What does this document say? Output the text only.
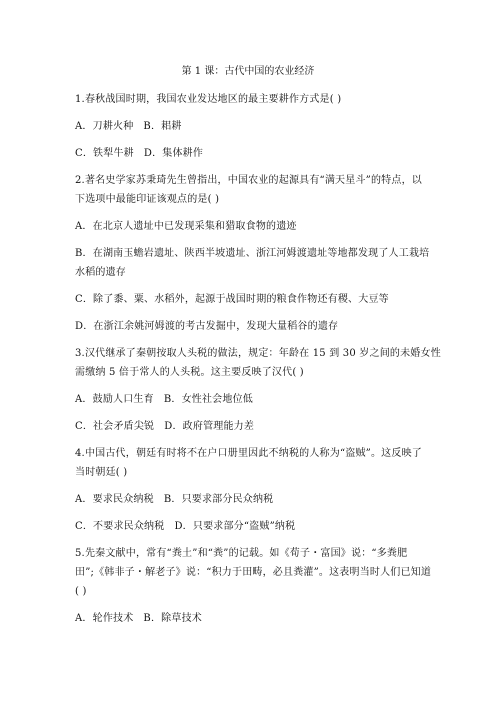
第 1 课：古代中国的农业经济
1.春秋战国时期，我国农业发达地区的最主要耕作方式是( )
A．刀耕火种 B．耜耕
C．铁犁牛耕 D．集体耕作
2.著名史学家苏秉琦先生曾指出，中国农业的起源具有“满天星斗”的特点，以
下选项中最能印证该观点的是( )
A．在北京人遗址中已发现采集和猎取食物的遗迹
B．在湖南玉蟾岩遗址、陕西半坡遗址、浙江河姆渡遗址等地都发现了人工栽培
水稻的遗存
C．除了黍、粟、水稻外，起源于战国时期的粮食作物还有稷、大豆等
D．在浙江余姚河姆渡的考古发掘中，发现大量稻谷的遗存
3.汉代继承了秦朝按取人头税的做法，规定：年龄在 15 到 30 岁之间的未婚女性
需缴纳 5 倍于常人的人头税。这主要反映了汉代( )
A．鼓励人口生育 B．女性社会地位低
C．社会矛盾尖锐 D．政府管理能力差
4.中国古代，朝廷有时将不在户口册里因此不纳税的人称为“盗贼”。这反映了
当时朝廷( )
A．要求民众纳税 B．只要求部分民众纳税
C．不要求民众纳税 D．只要求部分“盗贼”纳税
5.先秦文献中，常有“粪土”和“粪”的记载。如《荀子・富国》说：“多粪肥
田”;《韩非子・解老子》说：“积力于田畴，必且粪灌”。这表明当时人们已知道
( )
A．轮作技术 B．除草技术
